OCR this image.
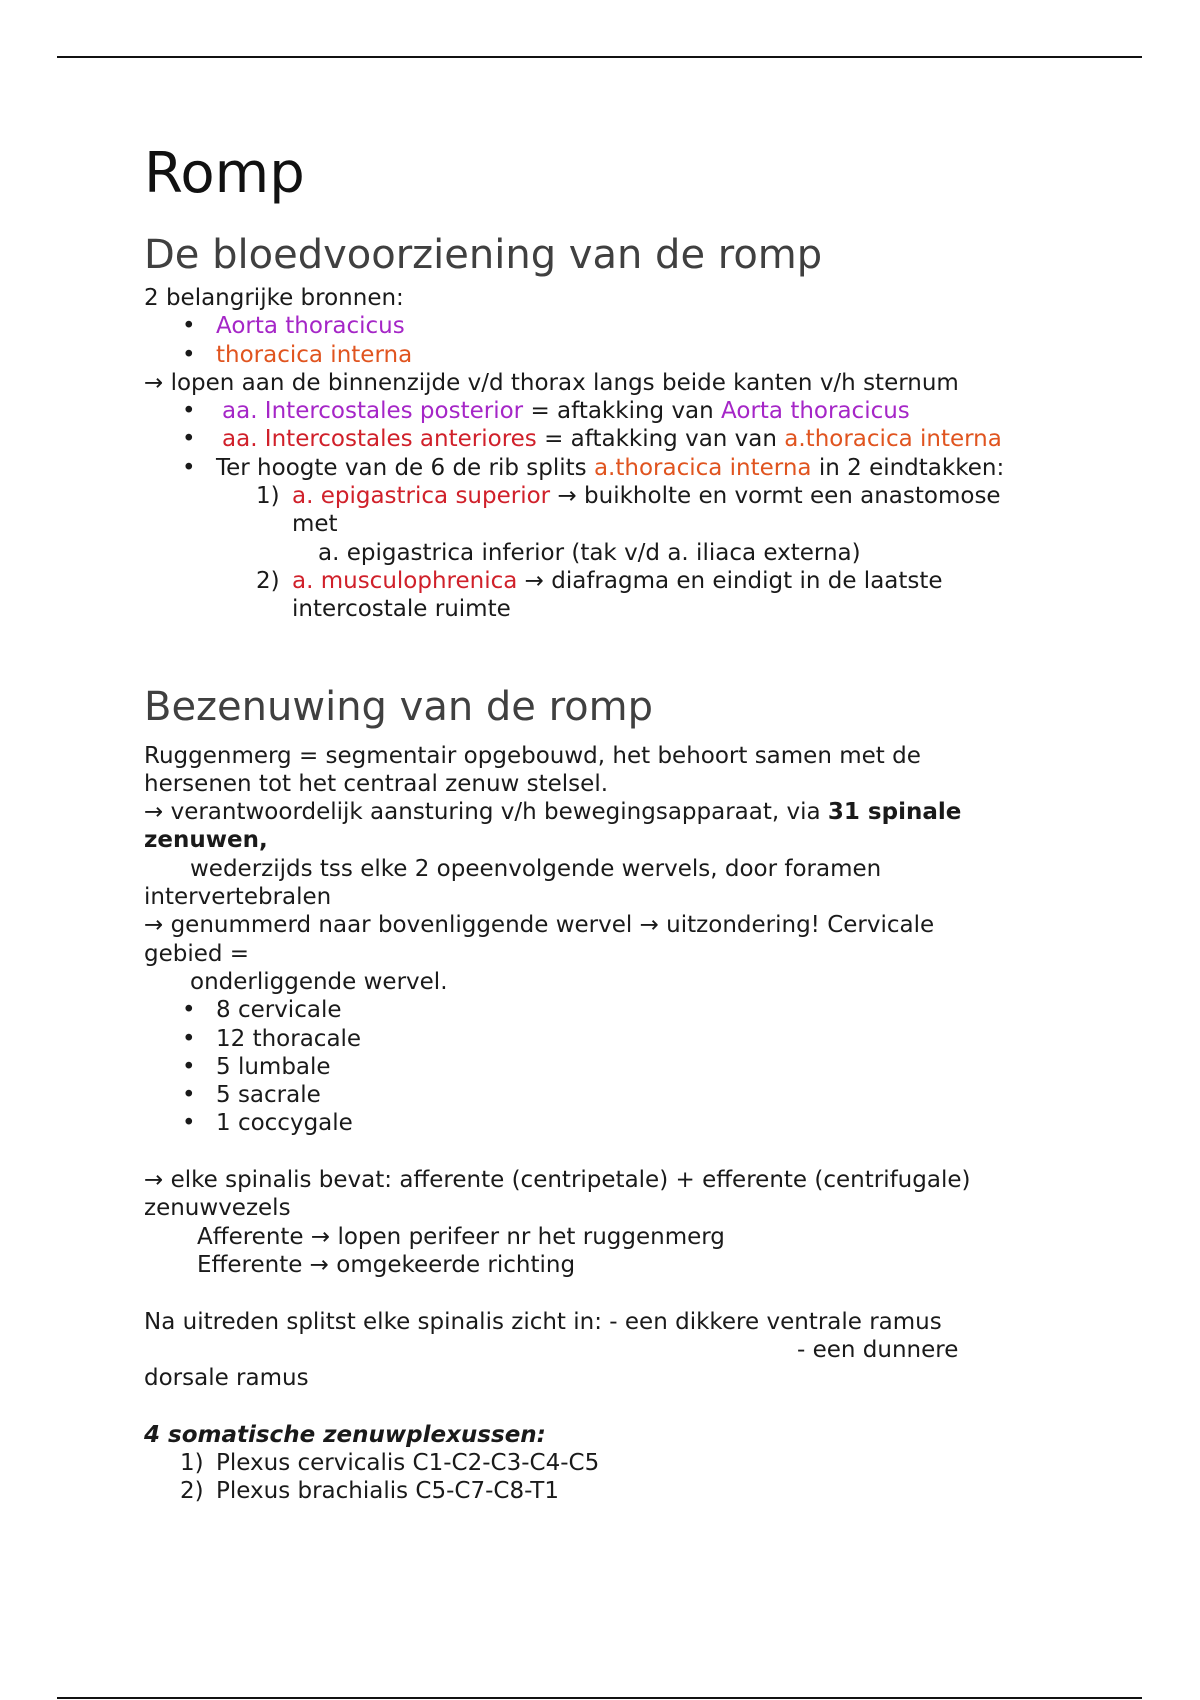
Romp
De bloedvoorziening van de romp
2 belangrijke bronnen:
• Aorta thoracicus
• thoracica interna
→ lopen aan de binnenzijde v/d thorax langs beide kanten v/h sternum
• aa. Intercostales posterior = aftakking van Aorta thoracicus
• aa. Intercostales anteriores = aftakking van van a.thoracica interna
• Ter hoogte van de 6 de rib splits a.thoracica interna in 2 eindtakken:
1) a. epigastrica superior → buikholte en vormt een anastomose
met
a. epigastrica inferior (tak v/d a. iliaca externa)
2) a. musculophrenica → diafragma en eindigt in de laatste
intercostale ruimte
Bezenuwing van de romp
Ruggenmerg = segmentair opgebouwd, het behoort samen met de
hersenen tot het centraal zenuw stelsel.
→ verantwoordelijk aansturing v/h bewegingsapparaat, via 31 spinale
zenuwen,
wederzijds tss elke 2 opeenvolgende wervels, door foramen
intervertebralen
→ genummerd naar bovenliggende wervel → uitzondering! Cervicale
gebied =
onderliggende wervel.
• 8 cervicale
• 12 thoracale
• 5 lumbale
• 5 sacrale
• 1 coccygale
→ elke spinalis bevat: afferente (centripetale) + efferente (centrifugale)
zenuwvezels
Afferente → lopen perifeer nr het ruggenmerg
Efferente → omgekeerde richting
Na uitreden splitst elke spinalis zicht in: - een dikkere ventrale ramus
- een dunnere
dorsale ramus
4 somatische zenuwplexussen:
1) Plexus cervicalis C1-C2-C3-C4-C5
2) Plexus brachialis C5-C7-C8-T1
